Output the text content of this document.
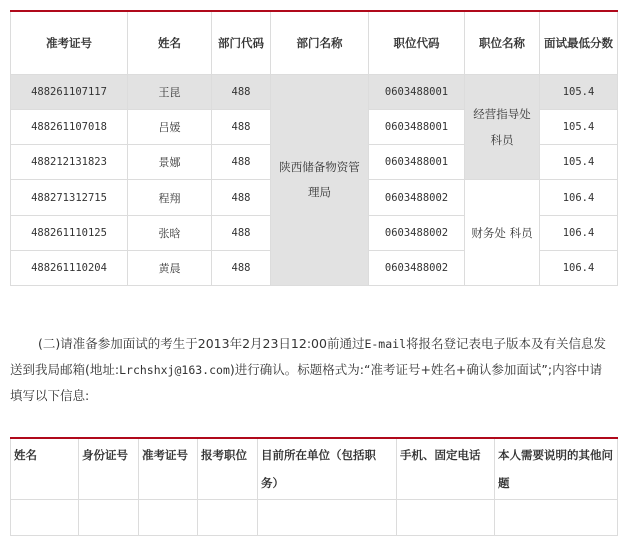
准考证号	姓名	部门代码	部门名称	职位代码	职位名称	面试最低分数

488261107117	王昆	488	陕西储备物资管理局	0603488001	经营指导处科员	105.4
488261107018	吕媛	488		0603488001		105.4
488212131823	景娜	488		0603488001		105.4
488271312715	程翔	488		0603488002	财务处 科员	106.4
488261110125	张晗	488		0603488002		106.4
488261110204	黄晨	488		0603488002		106.4

(二)请准备参加面试的考生于2013年2月23日12:00前通过E-mail将报名登记表电子版本及有关信息发送到我局邮箱(地址:Lrchshxj@163.com)进行确认。标题格式为:“准考证号+姓名+确认参加面试”;内容中请填写以下信息:

姓名	身份证号	准考证号	报考职位	目前所在单位（包括职务）	手机、固定电话	本人需要说明的其他问题
